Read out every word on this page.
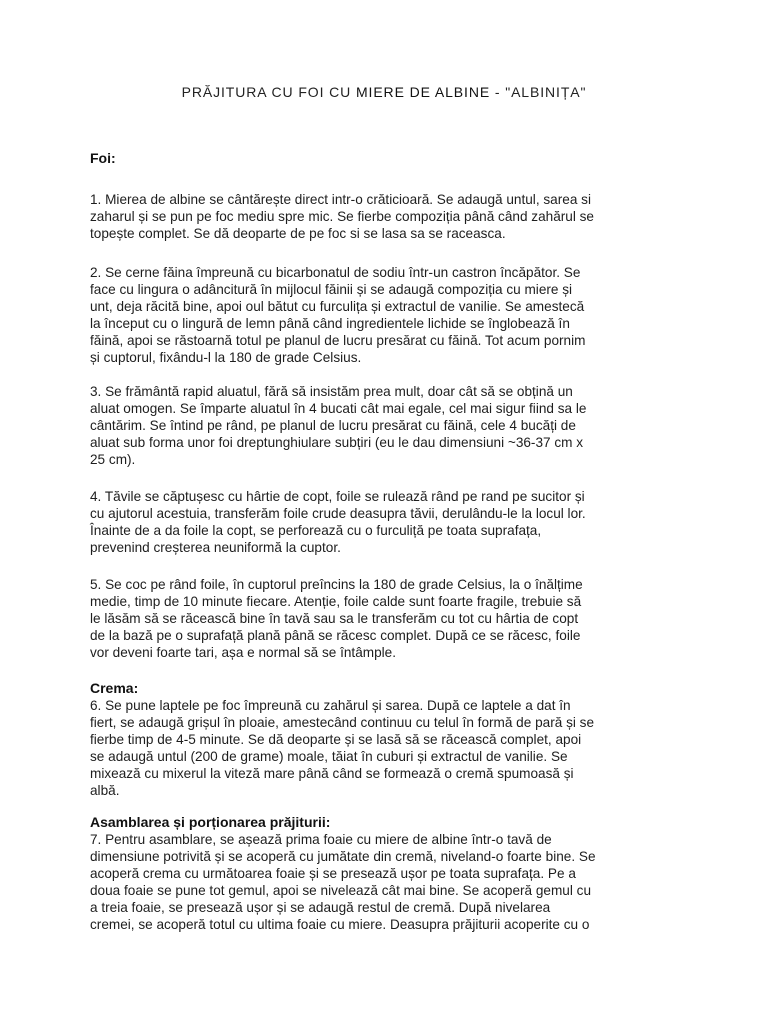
PRĂJITURA CU FOI CU MIERE DE ALBINE - "ALBINIȚA"
Foi:
1. Mierea de albine se cântărește direct intr-o crăticioară. Se adaugă untul, sarea si
zaharul și se pun pe foc mediu spre mic. Se fierbe compoziția până când zahărul se
topește complet. Se dă deoparte de pe foc si se lasa sa se raceasca.
2. Se cerne făina împreună cu bicarbonatul de sodiu într-un castron încăpător. Se
face cu lingura o adâncitură în mijlocul făinii și se adaugă compoziția cu miere și
unt, deja răcită bine, apoi oul bătut cu furculița și extractul de vanilie. Se amestecă
la început cu o lingură de lemn până când ingredientele lichide se înglobează în
făină, apoi se răstoarnă totul pe planul de lucru presărat cu făină. Tot acum pornim
și cuptorul, fixându-l la 180 de grade Celsius.
3. Se frământă rapid aluatul, fără să insistăm prea mult, doar cât să se obțină un
aluat omogen. Se împarte aluatul în 4 bucati cât mai egale, cel mai sigur fiind sa le
cântărim. Se întind pe rând, pe planul de lucru presărat cu făină, cele 4 bucăți de
aluat sub forma unor foi dreptunghiulare subțiri (eu le dau dimensiuni ~36-37 cm x
25 cm).
4. Tăvile se căptușesc cu hârtie de copt, foile se rulează rând pe rand pe sucitor și
cu ajutorul acestuia, transferăm foile crude deasupra tăvii, derulându-le la locul lor.
Înainte de a da foile la copt, se perforează cu o furculiță pe toata suprafața,
prevenind creșterea neuniformă la cuptor.
5. Se coc pe rând foile, în cuptorul preîncins la 180 de grade Celsius, la o înălțime
medie, timp de 10 minute fiecare. Atenție, foile calde sunt foarte fragile, trebuie să
le lăsăm să se răcească bine în tavă sau sa le transferăm cu tot cu hârtia de copt
de la bază pe o suprafață plană până se răcesc complet. După ce se răcesc, foile
vor deveni foarte tari, așa e normal să se întâmple.
Crema:
6. Se pune laptele pe foc împreună cu zahărul și sarea. După ce laptele a dat în
fiert, se adaugă grișul în ploaie, amestecând continuu cu telul în formă de pară și se
fierbe timp de 4-5 minute. Se dă deoparte și se lasă să se răcească complet, apoi
se adaugă untul (200 de grame) moale, tăiat în cuburi și extractul de vanilie. Se
mixează cu mixerul la viteză mare până când se formează o cremă spumoasă și
albă.
Asamblarea și porționarea prăjiturii:
7. Pentru asamblare, se așează prima foaie cu miere de albine într-o tavă de
dimensiune potrivită și se acoperă cu jumătate din cremă, niveland-o foarte bine. Se
acoperă crema cu următoarea foaie și se presează ușor pe toata suprafața. Pe a
doua foaie se pune tot gemul, apoi se nivelează cât mai bine. Se acoperă gemul cu
a treia foaie, se presează ușor și se adaugă restul de cremă. După nivelarea
cremei, se acoperă totul cu ultima foaie cu miere. Deasupra prăjiturii acoperite cu o
